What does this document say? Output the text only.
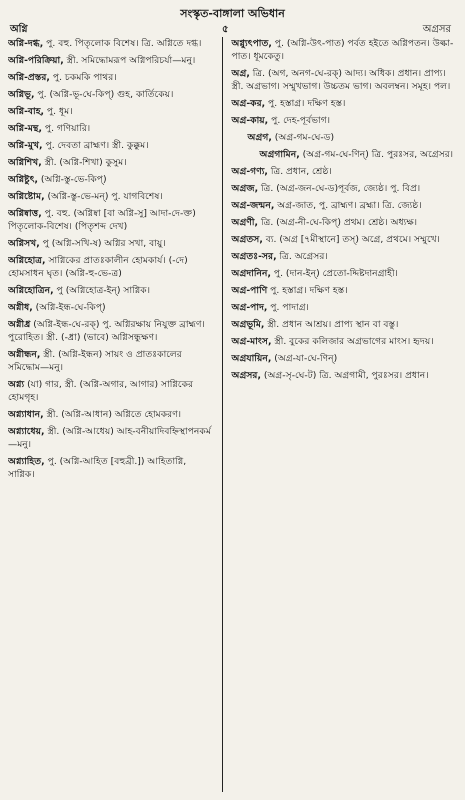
সংস্কৃত-বাঙ্গালা অভিধান
অগ্নি	৫	অগ্রসর
অগ্নি-দগ্ধ, পু. বহু. পিতৃলোক বিশেষ। ত্রি. অগ্নিতে দগ্ধ।
অগ্নি-পরিক্রিয়া, স্ত্রী. সমিদ্ধোমরূপ অগ্নিপরিচর্যা—মনু।
অগ্নি-প্রস্তর, পু. চকমকি পাথর।
অগ্নিভূ, পু. (অগ্নি-ভূ-ঘে-কিপ্) গুহ, কার্তিকেয়।
অগ্নি-বাহ, পু. ধূম।
অগ্নি-মন্থ, পু. গণিয়ারি।
অগ্নি-মুখ, পু. দেবতা ব্রাহ্মণ। স্ত্রী. কুক্কুম।
অগ্নিশিখ, স্ত্রী. (অগ্নি-শিখা) কুসুম।
অগ্নিষ্টুৎ, (অগ্নি-স্তু-ভে-কিপ্)
অগ্নিষ্টোম, (অগ্নি-স্তু-ভে-মন্) পু. যাগবিশেষ।
অগ্নিষ্বাত্ত, পু. বহু. (অগ্নিষ্বা [বা অগ্নি-সু] আদা-দে-ক্ত) পিতৃলোক-বিশেষ। (পিতৃশব্দ দেখ)
অগ্নিসখ, পু (অগ্নি-সখি-ষ) অগ্নির সখা, বায়ু।
অগ্নিহোত্র, সাগ্নিকের প্রাতঃকালীন হোমকার্য। (-দে) হোমসাধন ঘৃত। (অগ্নি-হু-ভে-ত্র)
অগ্নিহোত্রিন, পু (অগ্নিহোত্র-ইন্) সাগ্নিক।
অগ্নীধ, (অগ্নি-ইন্ধ-ঘে-কিপ্)
অগ্নীধ্র (অগ্নি-ইন্ধ-ঘে-রক্) পু. অগ্নিরক্ষায় নিযুক্ত ব্রাহ্মণ। পুরোহিত। স্ত্রী. (-ধ্রা) (ভাবে) অগ্নিসন্ধুক্ষণ।
অগ্নীন্ধন, স্ত্রী. (অগ্নি-ইন্ধন) সায়ং ও প্রাতঃকালের সমিদ্ধোম—মনু।
অগ্ন্য (যা) গার, স্ত্রী. (অগ্নি-অগার, আগার) সাগ্নিকের হোমগৃহ।
অগ্ন্যাধান, স্ত্রী. (অগ্নি-আধান) অগ্নিতে হোমকরণ।
অগ্ন্যাধেয়, স্ত্রী. (অগ্নি-আধেয়) আহ-বনীয়াদিবহ্নিস্থাপনকর্ম—মনু।
অগ্ন্যাহিত, পু. (অগ্নি-আহিত [বহুব্রী.]) আহিতাগ্নি, সাগ্নিক।
অগ্ন্যুৎপাত, পু. (অগ্নি-উৎ-পাত) পর্বত হইতে অগ্নিপতন। উল্কা-পাত। ধূমকেতু।
অগ্র, ত্রি. (অগ, অনগ-ঘে-রক্) আদ্য। অধিক। প্রধান। প্রাপ্য। স্ত্রী. অগ্রভাগ। সম্মুখভাগ। উচ্চতম ভাগ। অবলম্বন। সমূহ। পল।
অগ্র-কর, পু. হস্তাগ্র। দক্ষিণ হস্ত।
অগ্র-কায়, পু. দেহ-পূর্বভাগ।
অগ্রগ, (অগ্র-গম-ঘে-ড)
অগ্রগামিন, (অগ্র-গম-ঘে-ণিন্) ত্রি. পুরঃসর, অগ্রেসর।
অগ্র-গণ্য, ত্রি. প্রধান, শ্রেষ্ঠ।
অগ্রজ, ত্রি. (অগ্র-জন-ঘে-ড)পূর্বজ, জ্যেষ্ঠ। পু. বিপ্র।
অগ্র-জন্মন, অগ্র-জাত, পু. ব্রাহ্মণ। ব্রহ্মা। ত্রি. জ্যেষ্ঠ।
অগ্রণী, ত্রি. (অগ্র-নী-ঘে-কিপ্) প্রথম। শ্রেষ্ঠ। অধ্যক্ষ।
অগ্রতস, ব্য. (অগ্র [৭মীস্থানে] তস্) অগ্রে, প্রথমে। সম্মুখে।
অগ্রতঃ-সর, ত্রি. অগ্রেসর।
অগ্রদানিন, পু. (দান-ইন্) প্রেতো-দ্দিষ্টদানগ্রাহী।
অগ্র-পাণি পু. হস্তাগ্র। দক্ষিণ হস্ত।
অগ্র-পাদ, পু. পাদাগ্র।
অগ্রভূমি, স্ত্রী. প্রধান আশ্রয়। প্রাপ্য স্থান বা বস্তু।
অগ্র-মাংস, স্ত্রী. বুকের কলিজার অগ্রভাগের মাংস। হৃদয়।
অগ্রযায়িন, (অগ্র-যা-ঘে-ণিন্)
অগ্রসর, (অগ্র-সৃ-ঘে-ট) ত্রি. অগ্রগামী, পুরঃসর। প্রধান।
